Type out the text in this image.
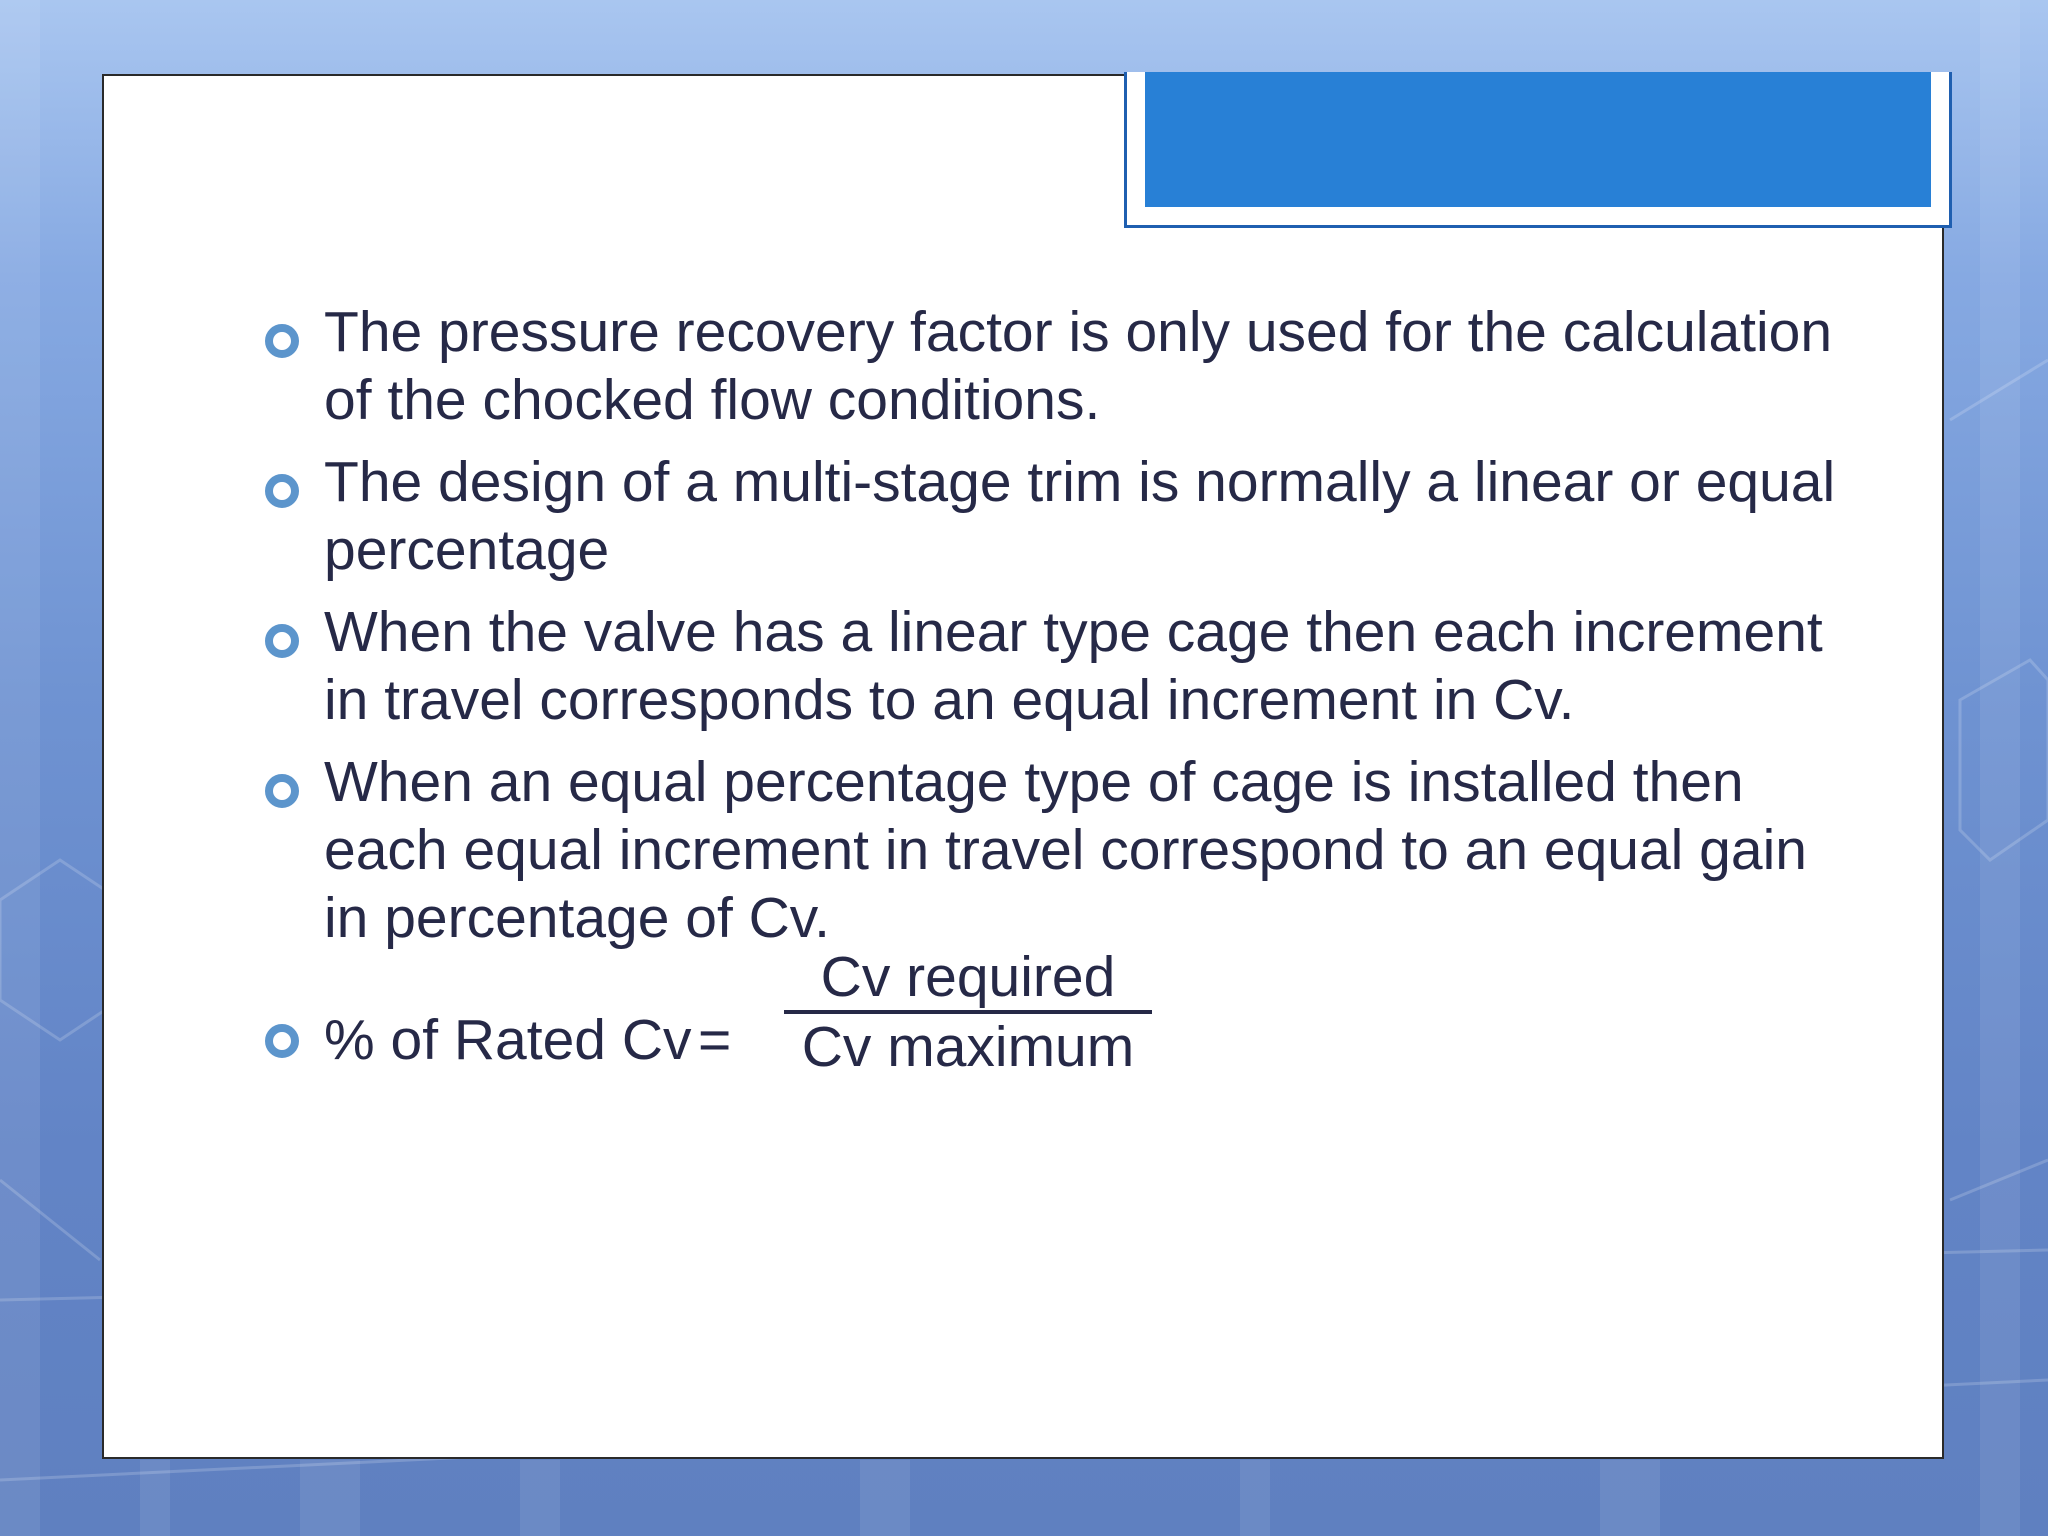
The pressure recovery factor is only used for the calculation of the chocked flow conditions.
The design of a multi-stage trim is normally a linear or equal percentage
When the valve has a linear type cage then each increment in travel corresponds to an equal increment in Cv.
When an equal percentage type of cage is installed then each equal increment in travel correspond to an equal gain in percentage of Cv.
% of Rated Cv =
Cv required
Cv maximum
